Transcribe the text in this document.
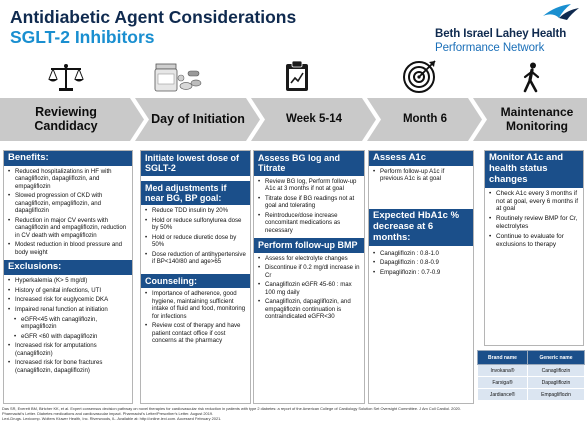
Antidiabetic Agent Considerations
SGLT-2 Inhibitors	Beth Israel Lahey Health
Performance Network
Reviewing Candidacy	Day of Initiation	Week 5-14	Month 6	Maintenance Monitoring
Benefits:
• Reduced hospitalizations in HF with canagliflozin, dapagliflozin, and empagliflozin
• Slowed progression of CKD with canagliflozin, empagliflozin, and dapagliflozin
• Reduction in major CV events with canagliflozin and empagliflozin, reduction in CV death with empagliflozin
• Modest reduction in blood pressure and body weight
Exclusions:
• Hyperkalemia (K> 5 mg/dl)
• History of genital infections, UTI
• Increased risk for euglycemic DKA
• Impaired renal function at initiation
• eGFR<45 with canagliflozin, empagliflozin
• eGFR <60 with dapagliflozin
• Increased risk for amputations (canagliflozin)
• Increased risk for bone fractures (canagliflozin, dapagliflozin)
Initiate lowest dose of SGLT-2
Med adjustments if near BG, BP goal:
• Reduce TDD insulin by 20%
• Hold or reduce sulfonylurea dose by 50%
• Hold or reduce diuretic dose by 50%
• Dose reduction of antihypertensive if BP<140/80 and age>65
Counseling:
• Importance of adherence, good hygiene, maintaining sufficient intake of fluid and food, monitoring for infections
• Review cost of therapy and have patient contact office if cost concerns at the pharmacy
Assess BG log and Titrate
• Review BG log, Perform follow-up A1c at 3 months if not at goal
• Titrate dose if BG readings not at goal and tolerating
• Reintroduce/dose increase concomitant medications as necessary
Perform follow-up BMP
• Assess for electrolyte changes
• Discontinue if 0.2 mg/dl increase in Cr
• Canagliflozin eGFR 45-60 : max 100 mg daily
• Canagliflozin, dapagliflozin, and empagliflozin continuation is contraindicated eGFR<30
Assess A1c
• Perform follow-up A1c if previous A1c is at goal
Expected HbA1c % decrease at 6 months:
• Canagliflozin : 0.8-1.0
• Dapagliflozin : 0.8-0.9
• Empagliflozin : 0.7-0.9
Monitor A1c and health status changes
• Check A1c every 3 months if not at goal, every 6 months if at goal
• Routinely review BMP for Cr, electrolytes
• Continue to evaluate for exclusions to therapy
Brand name	Generic name
Invokana®	Canagliflozin
Farxiga®	Dapagliflozin
Jardiance®	Empagliflozin

Das SR, Everett BM, Birtcher KK, et al. Expert consensus decision pathway on novel therapies for cardiovascular risk reduction in patients with type 2 diabetes: a report of the American College of Cardiology Solution Set Oversight Committee. J Am Coll Cardiol. 2020.

Pharmacist's Letter. Diabetes medications and cardiovascular impact. Pharmacist's Letter/Prescriber's Letter. August 2019.

Lexi-Drugs. Lexicomp. Wolters Kluwer Health, Inc. Riverwoods, IL. Available at: http://online.lexi.com. Accessed February 2021.
